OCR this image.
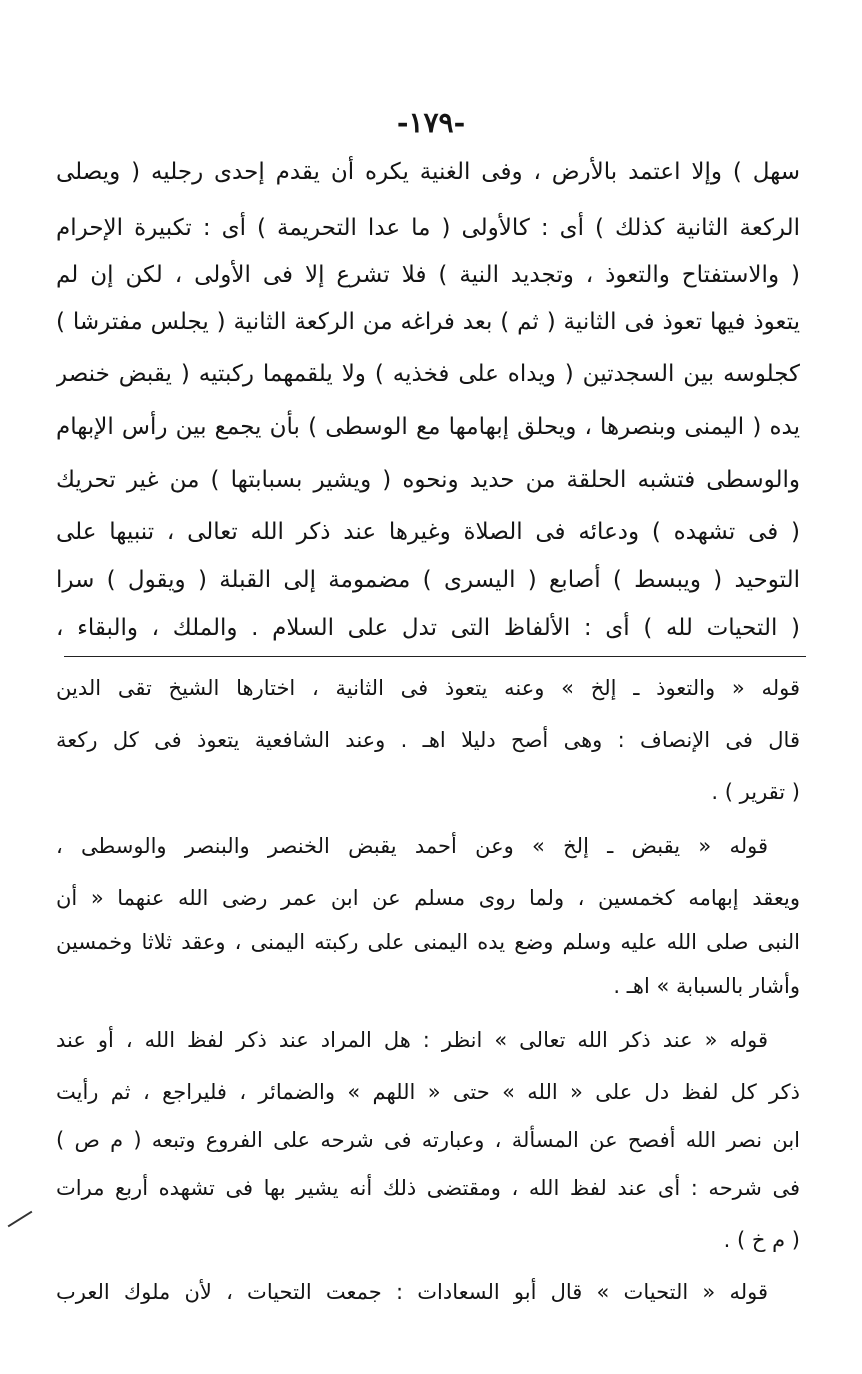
-١٧٩-
سهل ) وإلا اعتمد بالأرض ، وفى الغنية يكره أن يقدم إحدى رجليه ( ويصلى
الركعة الثانية كذلك ) أى : كالأولى ( ما عدا التحريمة ) أى : تكبيرة الإحرام
( والاستفتاح والتعوذ ، وتجديد النية ) فلا تشرع إلا فى الأولى ، لكن إن لم
يتعوذ فيها تعوذ فى الثانية ( ثم ) بعد فراغه من الركعة الثانية ( يجلس مفترشا )
كجلوسه بين السجدتين ( ويداه على فخذيه ) ولا يلقمهما ركبتيه ( يقبض خنصر
يده ( اليمنى وبنصرها ، ويحلق إبهامها مع الوسطى ) بأن يجمع بين رأس الإبهام
والوسطى فتشبه الحلقة من حديد ونحوه ( ويشير بسبابتها ) من غير تحريك
( فى تشهده ) ودعائه فى الصلاة وغيرها عند ذكر الله تعالى ، تنبيها على
التوحيد ( ويبسط ) أصابع ( اليسرى ) مضمومة إلى القبلة ( ويقول ) سرا
( التحيات لله ) أى : الألفاظ التى تدل على السلام . والملك ، والبقاء ،
قوله « والتعوذ ـ إلخ » وعنه يتعوذ فى الثانية ، اختارها الشيخ تقى الدين
قال فى الإنصاف : وهى أصح دليلا اهـ . وعند الشافعية يتعوذ فى كل ركعة
( تقرير ) .
قوله « يقبض ـ إلخ » وعن أحمد يقبض الخنصر والبنصر والوسطى ،
ويعقد إبهامه كخمسين ، ولما روى مسلم عن ابن عمر رضى الله عنهما « أن
النبى صلى الله عليه وسلم وضع يده اليمنى على ركبته اليمنى ، وعقد ثلاثا وخمسين
وأشار بالسبابة » اهـ .
قوله « عند ذكر الله تعالى » انظر : هل المراد عند ذكر لفظ الله ، أو عند
ذكر كل لفظ دل على « الله » حتى « اللهم » والضمائر ، فليراجع ، ثم رأيت
ابن نصر الله أفصح عن المسألة ، وعبارته فى شرحه على الفروع وتبعه ( م ص )
فى شرحه : أى عند لفظ الله ، ومقتضى ذلك أنه يشير بها فى تشهده أربع مرات
( م خ ) .
قوله « التحيات » قال أبو السعادات : جمعت التحيات ، لأن ملوك العرب
